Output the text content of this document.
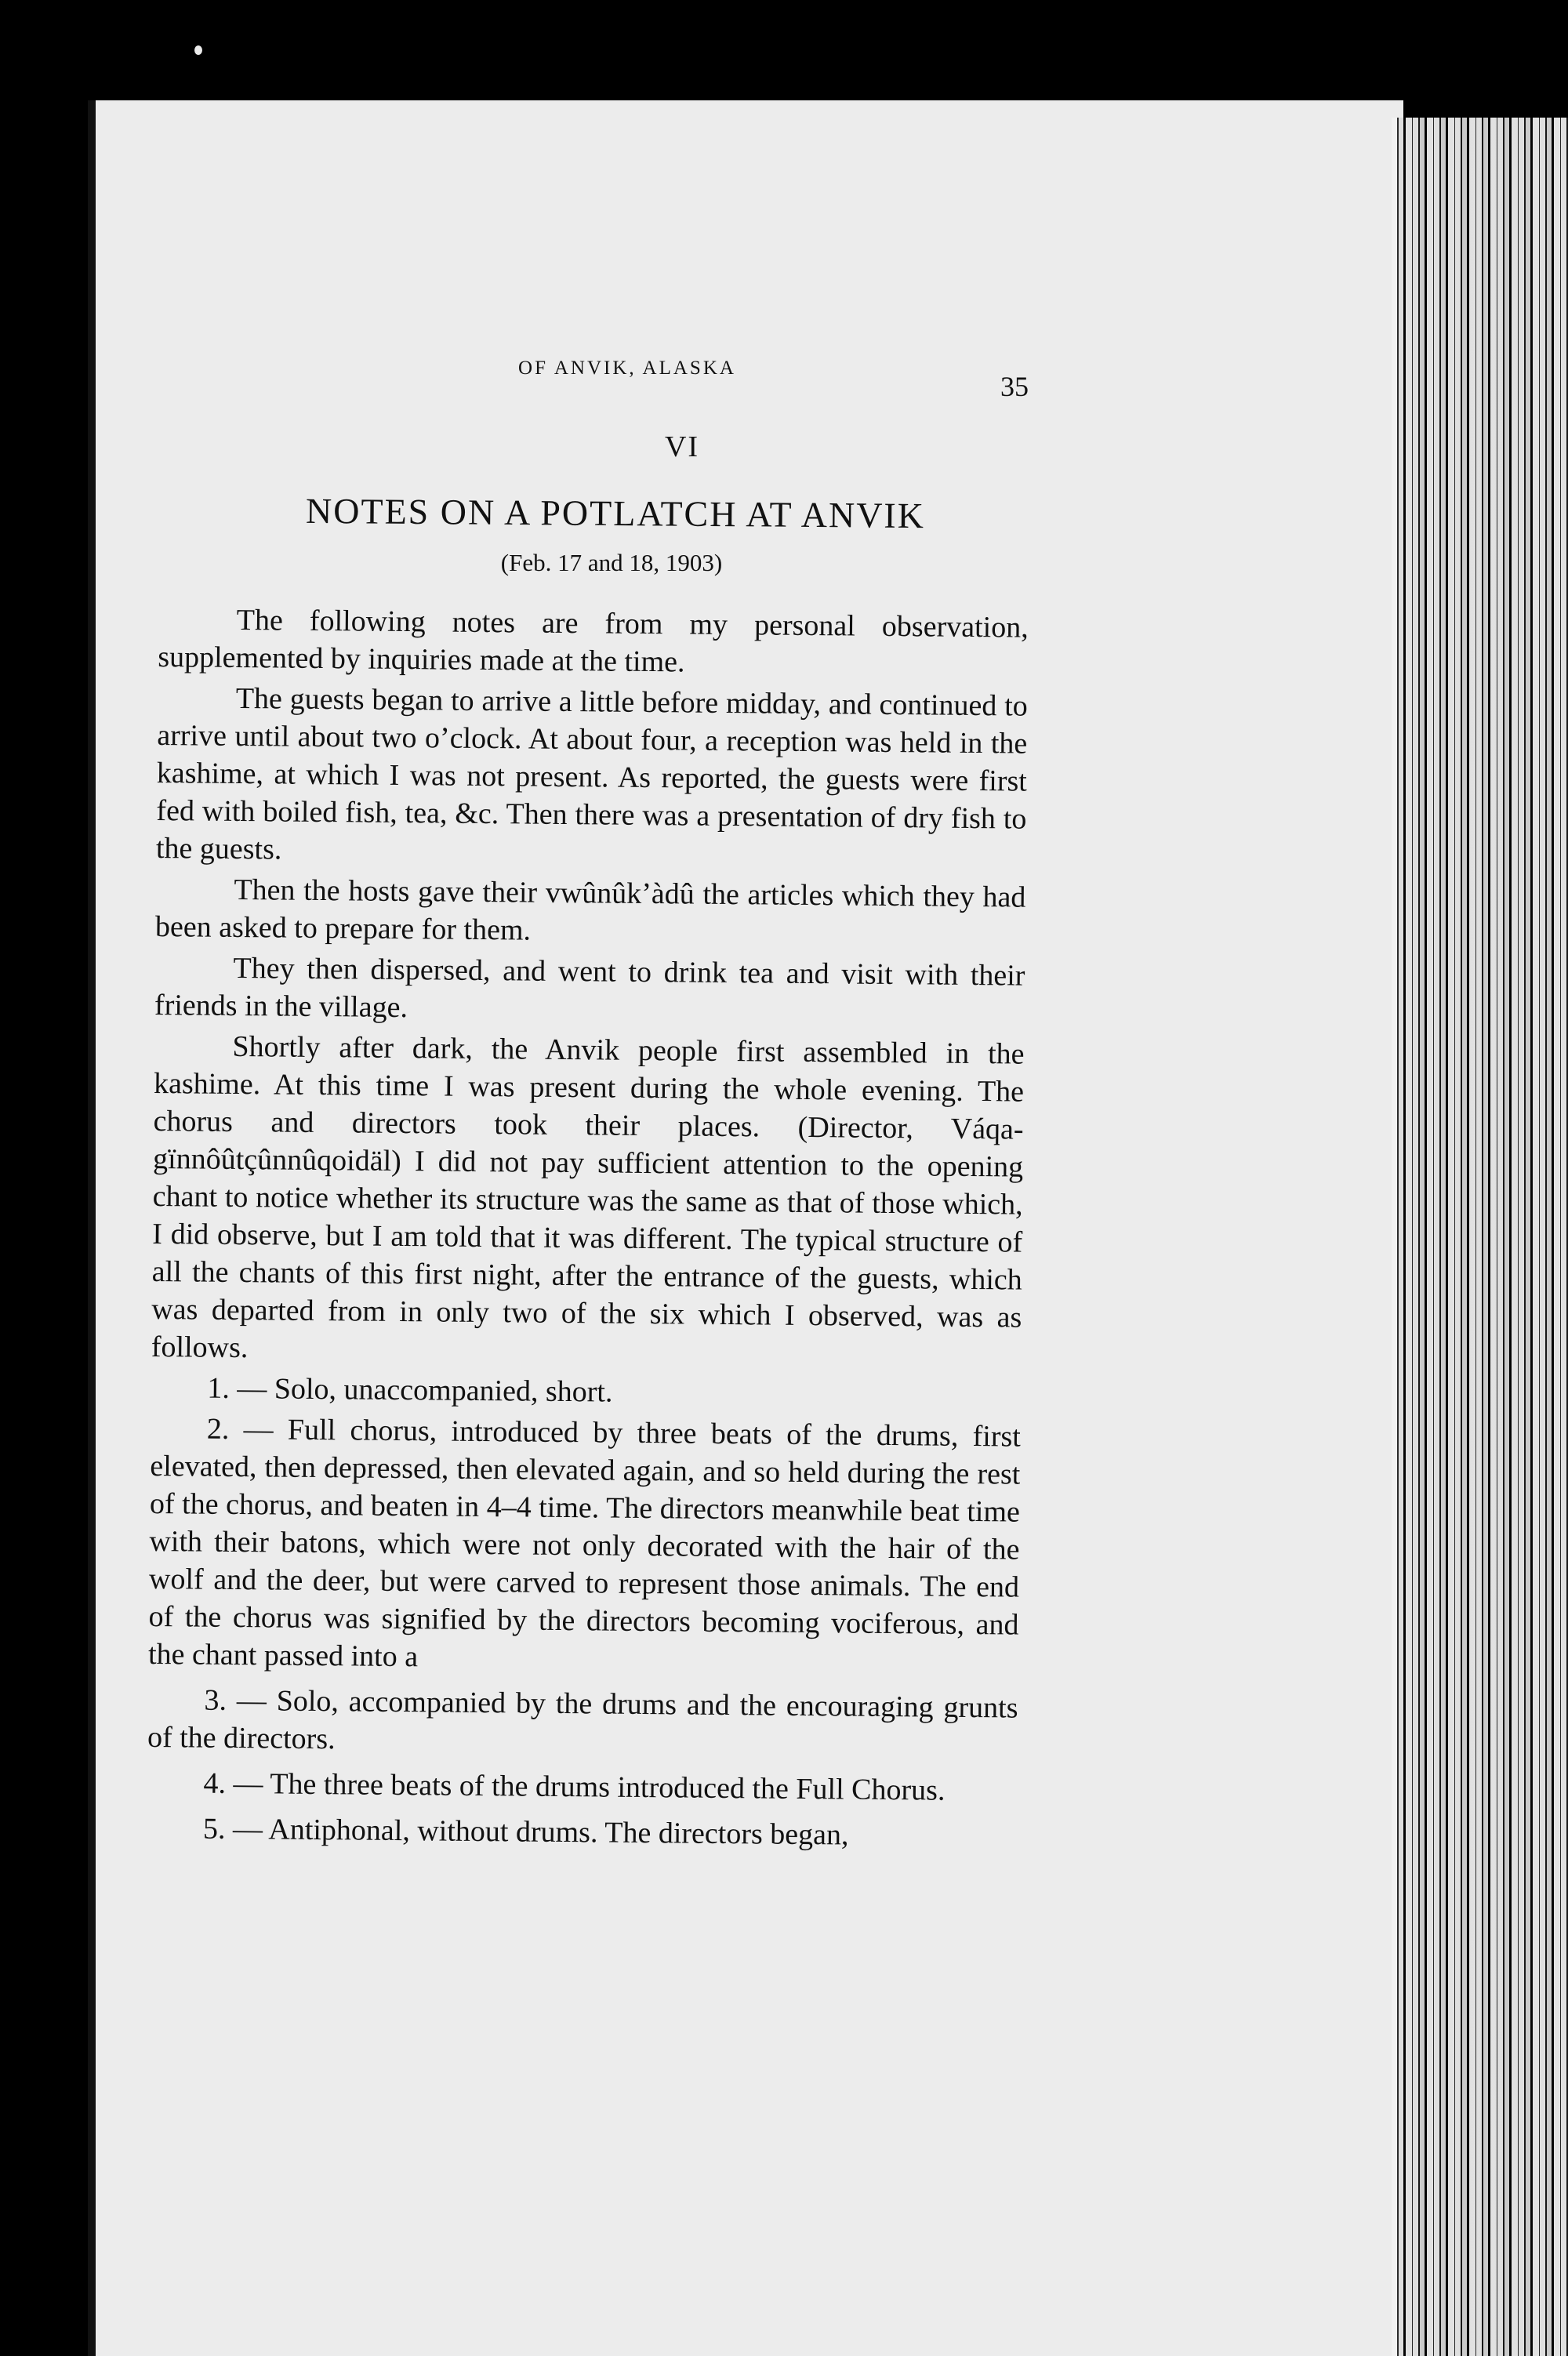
OF ANVIK, ALASKA
35
VI
NOTES ON A POTLATCH AT ANVIK
(Feb. 17 and 18, 1903)

The following notes are from my personal observation, supplemented by inquiries made at the time.

The guests began to arrive a little before midday, and continued to arrive until about two o’clock. At about four, a reception was held in the kashime, at which I was not present. As reported, the guests were first fed with boiled fish, tea, &c. Then there was a presentation of dry fish to the guests.

Then the hosts gave their vwûnûk’àdû the articles which they had been asked to prepare for them.

They then dispersed, and went to drink tea and visit with their friends in the village.

Shortly after dark, the Anvik people first assembled in the kashime. At this time I was present during the whole evening. The chorus and directors took their places. (Director, Váqa-gïnnôûtçûnnûqoidäl) I did not pay sufficient attention to the opening chant to notice whether its structure was the same as that of those which, I did observe, but I am told that it was different. The typical structure of all the chants of this first night, after the entrance of the guests, which was departed from in only two of the six which I observed, was as follows.

1. — Solo, unaccompanied, short.

2. — Full chorus, introduced by three beats of the drums, first elevated, then depressed, then elevated again, and so held during the rest of the chorus, and beaten in 4–4 time. The directors meanwhile beat time with their batons, which were not only decorated with the hair of the wolf and the deer, but were carved to represent those animals. The end of the chorus was signified by the directors becoming vociferous, and the chant passed into a

3. — Solo, accompanied by the drums and the encouraging grunts of the directors.

4. — The three beats of the drums introduced the Full Chorus.

5. — Antiphonal, without drums. The directors began,
